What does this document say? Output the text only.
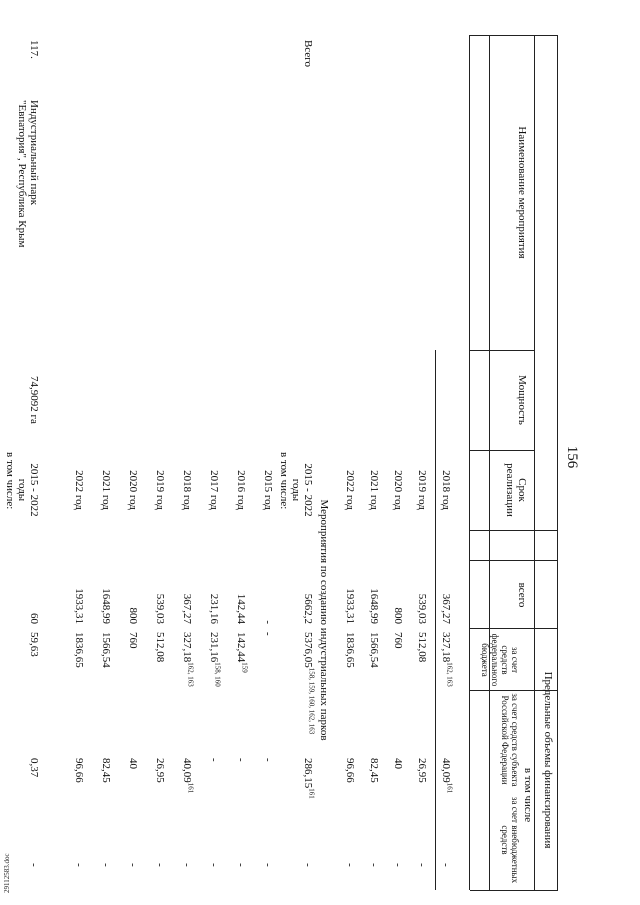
156
Наименование мероприятия
Мощность
Срок реализации
всего
Предельные объемы финансирования
в том числе
за счет средств федерального бюджета
за счет средств субъекта Российской Федерации
за счет внебюджетных средств
2018 год
367,27
327,18$^{162, 163}$
40,09$^{161}$
-
2019 год
539,03
512,08
26,95
-
2020 год
800
760
40
-
2021 год
1648,99
1566,54
82,45
-
2022 год
1933,31
1836,65
96,66
-
Мероприятия по созданию индустриальных парков
Всего
2015 - 2022
годы
5662,2
5376,05$^{158, 159, 160, 162, 163}$
286,15$^{161}$
-
в том числе:
2015 год
-
-
-
-
2016 год
142,44
142,44$^{159}$
-
-
2017 год
231,16
231,16$^{158, 160}$
-
-
2018 год
367,27
327,18$^{162, 163}$
40,09$^{161}$
-
2019 год
539,03
512,08
26,95
-
2020 год
800
760
40
-
2021 год
1648,99
1566,54
82,45
-
2022 год
1933,31
1836,65
96,66
-
117.
Индустриальный парк
"Евпатория", Республика Крым
74,9092 га
2015 - 2022
годы
60
59,63
0,37
-
в том числе:
29112583.doc
